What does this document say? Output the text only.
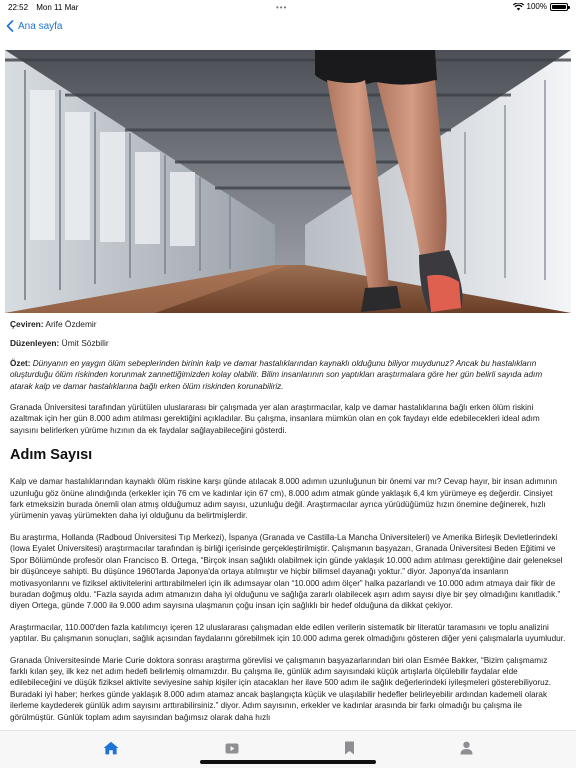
22:52 Mon 11 Mar	•••	100%
Ana sayfa

Çeviren: Arife Özdemir

Düzenleyen: Ümit Sözbilir

Özet: Dünyanın en yaygın ölüm sebeplerinden birinin kalp ve damar hastalıklarından kaynaklı olduğunu biliyor muydunuz? Ancak bu hastalıkların oluşturduğu ölüm riskinden korunmak zannettiğimizden kolay olabilir. Bilim insanlarının son yaptıkları araştırmalara göre her gün belirli sayıda adım atarak kalp ve damar hastalıklarına bağlı erken ölüm riskinden korunabiliriz.

Granada Üniversitesi tarafından yürütülen uluslararası bir çalışmada yer alan araştırmacılar, kalp ve damar hastalıklarına bağlı erken ölüm riskini azaltmak için her gün 8.000 adım atılması gerektiğini açıkladılar. Bu çalışma, insanlara mümkün olan en çok faydayı elde edebilecekleri ideal adım sayısını belirlerken yürüme hızının da ek faydalar sağlayabileceğini gösterdi.

Adım Sayısı

Kalp ve damar hastalıklarından kaynaklı ölüm riskine karşı günde atılacak 8.000 adımın uzunluğunun bir önemi var mı? Cevap hayır, bir insan adımının uzunluğu göz önüne alındığında (erkekler için 76 cm ve kadınlar için 67 cm), 8.000 adım atmak günde yaklaşık 6,4 km yürümeye eş değerdir. Cinsiyet fark etmeksizin burada önemli olan atmış olduğumuz adım sayısı, uzunluğu değil. Araştırmacılar ayrıca yürüdüğümüz hızın önemine değinerek, hızlı yürümenin yavaş yürümekten daha iyi olduğunu da belirtmişlerdir.

Bu araştırma, Hollanda (Radboud Üniversitesi Tıp Merkezi), İspanya (Granada ve Castilla-La Mancha Üniversiteleri) ve Amerika Birleşik Devletlerindeki (Iowa Eyalet Üniversitesi) araştırmacılar tarafından iş birliği içerisinde gerçekleştirilmiştir. Çalışmanın başyazarı, Granada Üniversitesi Beden Eğitimi ve Spor Bölümünde profesör olan Francisco B. Ortega, “Birçok insan sağlıklı olabilmek için günde yaklaşık 10.000 adım atılması gerektiğine dair geleneksel bir düşünceye sahipti. Bu düşünce 1960'larda Japonya'da ortaya atılmıştır ve hiçbir bilimsel dayanağı yoktur.” diyor. Japonya'da insanların motivasyonlarını ve fiziksel aktivitelerini arttırabilmeleri için ilk adımsayar olan “10.000 adım ölçer” halka pazarlandı ve 10.000 adım atmaya dair fikir de buradan doğmuş oldu. “Fazla sayıda adım atmanızın daha iyi olduğunu ve sağlığa zararlı olabilecek aşırı adım sayısı diye bir şey olmadığını kanıtladık.” diyen Ortega, günde 7.000 ila 9.000 adım sayısına ulaşmanın çoğu insan için sağlıklı bir hedef olduğuna da dikkat çekiyor.

Araştırmacılar, 110.000'den fazla katılımcıyı içeren 12 uluslararası çalışmadan elde edilen verilerin sistematik bir literatür taramasını ve toplu analizini yaptılar. Bu çalışmanın sonuçları, sağlık açısından faydalarını görebilmek için 10.000 adıma gerek olmadığını gösteren diğer yeni çalışmalarla uyumludur.

Granada Üniversitesinde Marie Curie doktora sonrası araştırma görevlisi ve çalışmanın başyazarlarından biri olan Esmée Bakker, “Bizim çalışmamız farklı kılan şey, ilk kez net adım hedefi belirlemiş olmamızdır. Bu çalışma ile, günlük adım sayısındaki küçük artışlarla ölçülebilir faydalar elde edilebileceğini ve düşük fiziksel aktivite seviyesine sahip kişiler için atacakları her ilave 500 adım ile sağlık değerlerindeki iyileşmeleri gösterebiliyoruz. Buradaki iyi haber; herkes günde yaklaşık 8.000 adım atamaz ancak başlangıçta küçük ve ulaşılabilir hedefler belirleyebilir ardından kademeli olarak ilerleme kaydederek günlük adım sayısını arttırabilirsiniz.” diyor. Adım sayısının, erkekler ve kadınlar arasında bir farkı olmadığı bu çalışma ile görülmüştür. Günlük toplam adım sayısından bağımsız olarak daha hızlı
